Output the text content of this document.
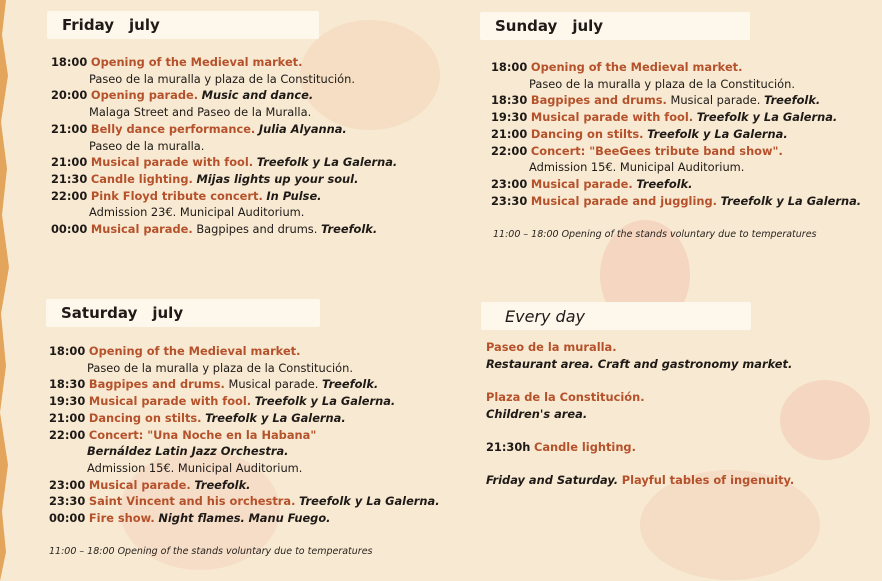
Friday	july
18:00 Opening of the Medieval market.
Paseo de la muralla y plaza de la Constitución.
20:00 Opening parade. Music and dance.
Malaga Street and Paseo de la Muralla.
21:00 Belly dance performance. Julia Alyanna.
Paseo de la muralla.
21:00 Musical parade with fool. Treefolk y La Galerna.
21:30 Candle lighting. Mijas lights up your soul.
22:00 Pink Floyd tribute concert. In Pulse.
Admission 23€. Municipal Auditorium.
00:00 Musical parade. Bagpipes and drums. Treefolk.
Sunday	july
18:00 Opening of the Medieval market.
Paseo de la muralla y plaza de la Constitución.
18:30 Bagpipes and drums. Musical parade. Treefolk.
19:30 Musical parade with fool. Treefolk y La Galerna.
21:00 Dancing on stilts. Treefolk y La Galerna.
22:00 Concert: "BeeGees tribute band show".
Admission 15€. Municipal Auditorium.
23:00 Musical parade. Treefolk.
23:30 Musical parade and juggling. Treefolk y La Galerna.
11:00 – 18:00 Opening of the stands voluntary due to temperatures
Saturday	july
18:00 Opening of the Medieval market.
Paseo de la muralla y plaza de la Constitución.
18:30 Bagpipes and drums. Musical parade. Treefolk.
19:30 Musical parade with fool. Treefolk y La Galerna.
21:00 Dancing on stilts. Treefolk y La Galerna.
22:00 Concert: "Una Noche en la Habana"
Bernáldez Latin Jazz Orchestra.
Admission 15€. Municipal Auditorium.
23:00 Musical parade. Treefolk.
23:30 Saint Vincent and his orchestra. Treefolk y La Galerna.
00:00 Fire show. Night flames. Manu Fuego.
11:00 – 18:00 Opening of the stands voluntary due to temperatures
Every day
Paseo de la muralla.
Restaurant area. Craft and gastronomy market.
Plaza de la Constitución.
Children's area.
21:30h Candle lighting.
Friday and Saturday. Playful tables of ingenuity.
